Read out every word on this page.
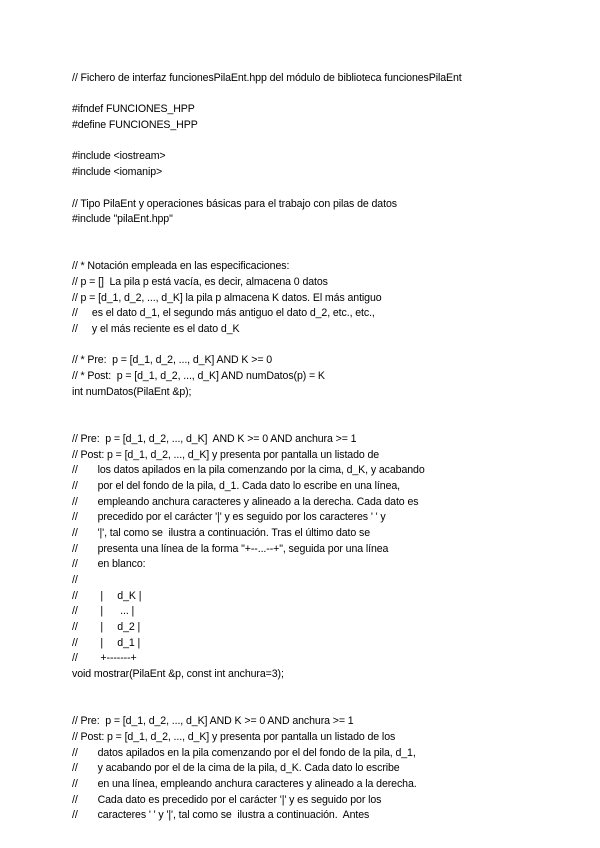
// Fichero de interfaz funcionesPilaEnt.hpp del módulo de biblioteca funcionesPilaEnt
#ifndef FUNCIONES_HPP
#define FUNCIONES_HPP
#include <iostream>
#include <iomanip>
// Tipo PilaEnt y operaciones básicas para el trabajo con pilas de datos
#include "pilaEnt.hpp"
// * Notación empleada en las especificaciones:
// p = []  La pila p está vacía, es decir, almacena 0 datos
// p = [d_1, d_2, ..., d_K] la pila p almacena K datos. El más antiguo
//     es el dato d_1, el segundo más antiguo el dato d_2, etc., etc.,
//     y el más reciente es el dato d_K
// * Pre:  p = [d_1, d_2, ..., d_K] AND K >= 0
// * Post:  p = [d_1, d_2, ..., d_K] AND numDatos(p) = K
int numDatos(PilaEnt &p);
// Pre:  p = [d_1, d_2, ..., d_K]  AND K >= 0 AND anchura >= 1
// Post: p = [d_1, d_2, ..., d_K] y presenta por pantalla un listado de
//       los datos apilados en la pila comenzando por la cima, d_K, y acabando
//       por el del fondo de la pila, d_1. Cada dato lo escribe en una línea,
//       empleando anchura caracteres y alineado a la derecha. Cada dato es
//       precedido por el carácter '|' y es seguido por los caracteres ' ' y
//       '|', tal como se  ilustra a continuación. Tras el último dato se
//       presenta una línea de la forma "+--...--+", seguida por una línea
//       en blanco:
//
//        |     d_K |
//        |      ... |
//        |     d_2 |
//        |     d_1 |
//        +-------+
void mostrar(PilaEnt &p, const int anchura=3);
// Pre:  p = [d_1, d_2, ..., d_K] AND K >= 0 AND anchura >= 1
// Post: p = [d_1, d_2, ..., d_K] y presenta por pantalla un listado de los
//       datos apilados en la pila comenzando por el del fondo de la pila, d_1,
//       y acabando por el de la cima de la pila, d_K. Cada dato lo escribe
//       en una línea, empleando anchura caracteres y alineado a la derecha.
//       Cada dato es precedido por el carácter '|' y es seguido por los
//       caracteres ' ' y '|', tal como se  ilustra a continuación.  Antes
